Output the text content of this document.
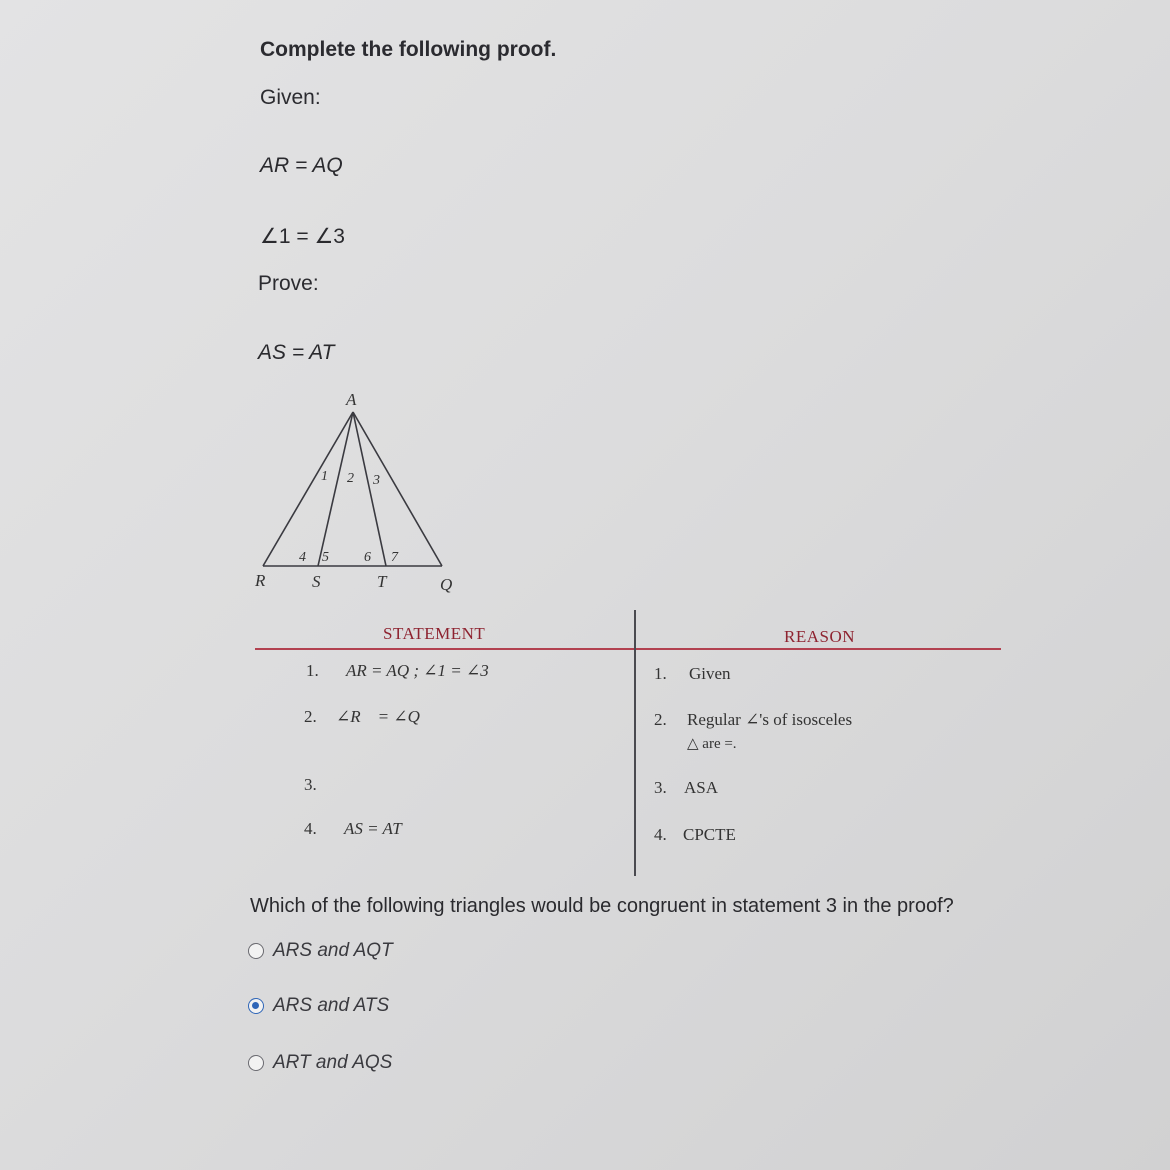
Complete the following proof.
Given:
AR = AQ
∠1 = ∠3
Prove:
AS = AT
A
R	S	T	Q
1 2 3
4 5	6 7
STATEMENT	REASON
1. AR = AQ ; ∠1 = ∠3	1. Given
2. ∠R    = ∠Q	2. Regular ∠'s of isosceles
△ are =.
3.	3. ASA
4. AS = AT	4. CPCTE
Which of the following triangles would be congruent in statement 3 in the proof?
ARS and AQT
ARS and ATS
ART and AQS
